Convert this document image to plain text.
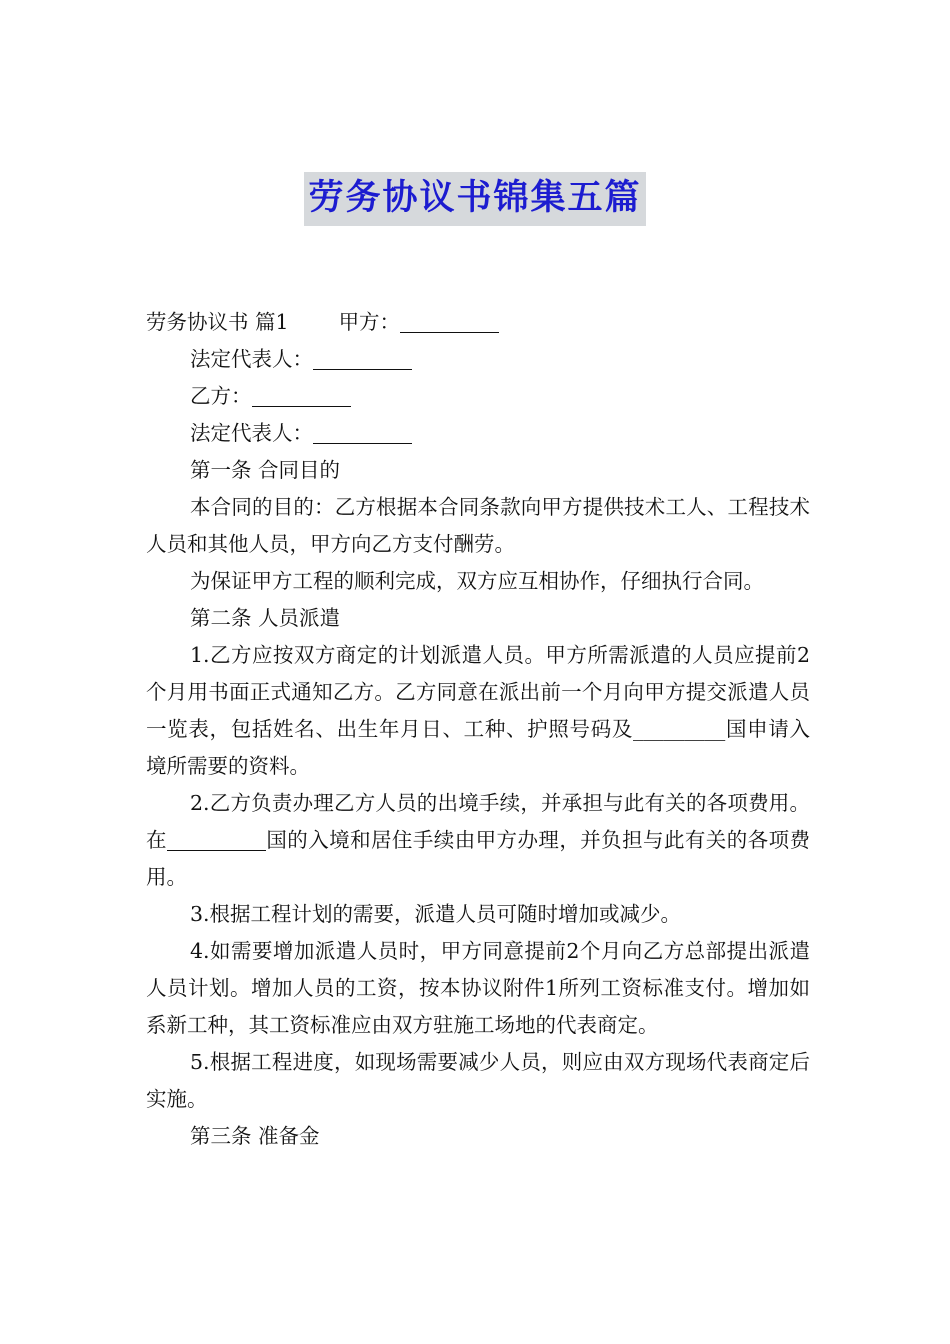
劳务协议书锦集五篇

劳务协议书 篇1 甲方：

法定代表人：

乙方：

法定代表人：

第一条 合同目的

本合同的目的：乙方根据本合同条款向甲方提供技术工人、工程技术人员和其他人员，甲方向乙方支付酬劳。

为保证甲方工程的顺利完成，双方应互相协作，仔细执行合同。

第二条 人员派遣

1.乙方应按双方商定的计划派遣人员。甲方所需派遣的人员应提前2个月用书面正式通知乙方。乙方同意在派出前一个月向甲方提交派遣人员一览表，包括姓名、出生年月日、工种、护照号码及_________国申请入境所需要的资料。

2.乙方负责办理乙方人员的出境手续，并承担与此有关的各项费用。在	国的入境和居住手续由甲方办理，并负担与此有关的各项费用。

3.根据工程计划的需要，派遣人员可随时增加或减少。

4.如需要增加派遣人员时，甲方同意提前2个月向乙方总部提出派遣人员计划。增加人员的工资，按本协议附件1所列工资标准支付。增加如系新工种，其工资标准应由双方驻施工场地的代表商定。

5.根据工程进度，如现场需要减少人员，则应由双方现场代表商定后实施。

第三条 准备金
